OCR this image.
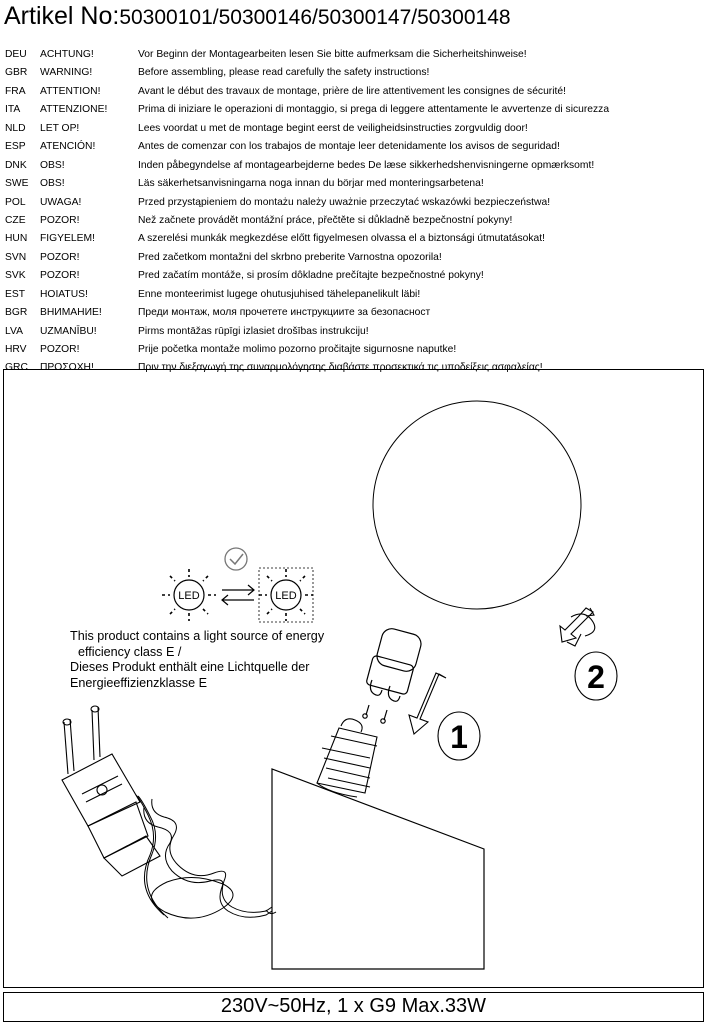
Artikel No:50300101/50300146/50300147/50300148
DEU ACHTUNG!	Vor Beginn der Montagearbeiten lesen Sie bitte aufmerksam die Sicherheitshinweise!
GBR WARNING!	Before assembling, please read carefully the safety instructions!
FRA ATTENTION!	Avant le début des travaux de montage, prière de lire attentivement les consignes de sécurité!
ITA ATTENZIONE!	Prima di iniziare le operazioni di montaggio, si prega di leggere attentamente le avvertenze di sicurezza
NLD LET OP!	Lees voordat u met de montage begint eerst de veiligheidsinstructies zorgvuldig door!
ESP ATENCIÓN!	Antes de comenzar con los trabajos de montaje leer detenidamente los avisos de seguridad!
DNK OBS!	Inden påbegyndelse af montagearbejderne bedes De læse sikkerhedshenvisningerne opmærksomt!
SWE OBS!	Läs säkerhetsanvisningarna noga innan du börjar med monteringsarbetena!
POL UWAGA!	Przed przystąpieniem do montażu należy uważnie przeczytać wskazówki bezpieczeństwa!
CZE POZOR!	Než začnete provádět montážní práce, přečtěte si důkladně bezpečnostní pokyny!
HUN FIGYELEM!	A szerelési munkák megkezdése előtt figyelmesen olvassa el a biztonsági útmutatásokat!
SVN POZOR!	Pred začetkom montažni del skrbno preberite Varnostna opozorila!
SVK POZOR!	Pred začatím montáže, si prosím dôkladne prečítajte bezpečnostné pokyny!
EST HOIATUS!	Enne monteerimist lugege ohutusjuhised tähelepanelikult läbi!
BGR ВНИМАНИЕ!	Преди монтаж, моля прочетете инструкциите за безопасност
LVA UZMANĪBU!	Pirms montāžas rūpīgi izlasiet drošības instrukciju!
HRV POZOR!	Prije početka montaže molimo pozorno pročitajte sigurnosne naputke!
GRC ΠΡΟΣΟΧΗ!	Πριν την διεξαγωγή της συναρμολόγησης διαβάστε προσεκτικά τις υποδείξεις ασφαλείας!
LED	LED
1
2
This product contains a light source of energy
efficiency class E /
Dieses Produkt enthält eine Lichtquelle der
Energieeffizienzklasse E
230V~50Hz, 1 x G9 Max.33W
